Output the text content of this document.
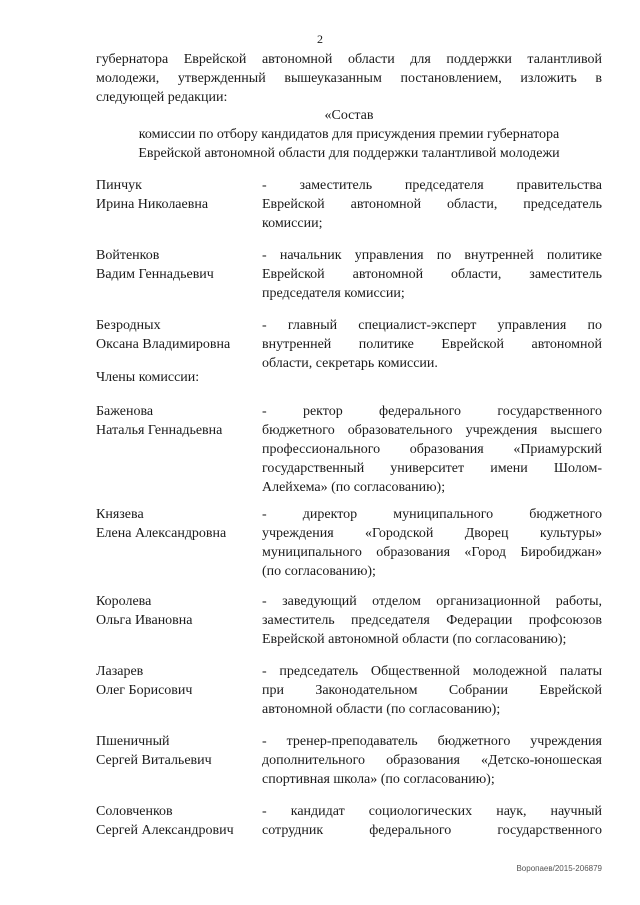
2
губернатора Еврейской автономной области для поддержки талантливой
молодежи, утвержденный вышеуказанным постановлением, изложить в
следующей редакции:
«Состав
комиссии по отбору кандидатов для присуждения премии губернатора
Еврейской автономной области для поддержки талантливой молодежи
Пинчук
Ирина Николаевна
- заместитель председателя правительства
Еврейской автономной области, председатель
комиссии;
Войтенков
Вадим Геннадьевич
- начальник управления по внутренней политике
Еврейской автономной области, заместитель
председателя комиссии;
Безродных
Оксана Владимировна
- главный специалист-эксперт управления по
внутренней политике Еврейской автономной
области, секретарь комиссии.
Члены комиссии:
Баженова
Наталья Геннадьевна
- ректор федерального государственного
бюджетного образовательного учреждения высшего
профессионального образования «Приамурский
государственный университет имени Шолом-
Алейхема» (по согласованию);
Князева
Елена Александровна
- директор муниципального бюджетного
учреждения «Городской Дворец культуры»
муниципального образования «Город Биробиджан»
(по согласованию);
Королева
Ольга Ивановна
- заведующий отделом организационной работы,
заместитель председателя Федерации профсоюзов
Еврейской автономной области (по согласованию);
Лазарев
Олег Борисович
- председатель Общественной молодежной палаты
при Законодательном Собрании Еврейской
автономной области (по согласованию);
Пшеничный
Сергей Витальевич
- тренер-преподаватель бюджетного учреждения
дополнительного образования «Детско-юношеская
спортивная школа» (по согласованию);
Соловченков
Сергей Александрович
- кандидат социологических наук, научный
сотрудник федерального государственного
Воропаев/2015-206879
